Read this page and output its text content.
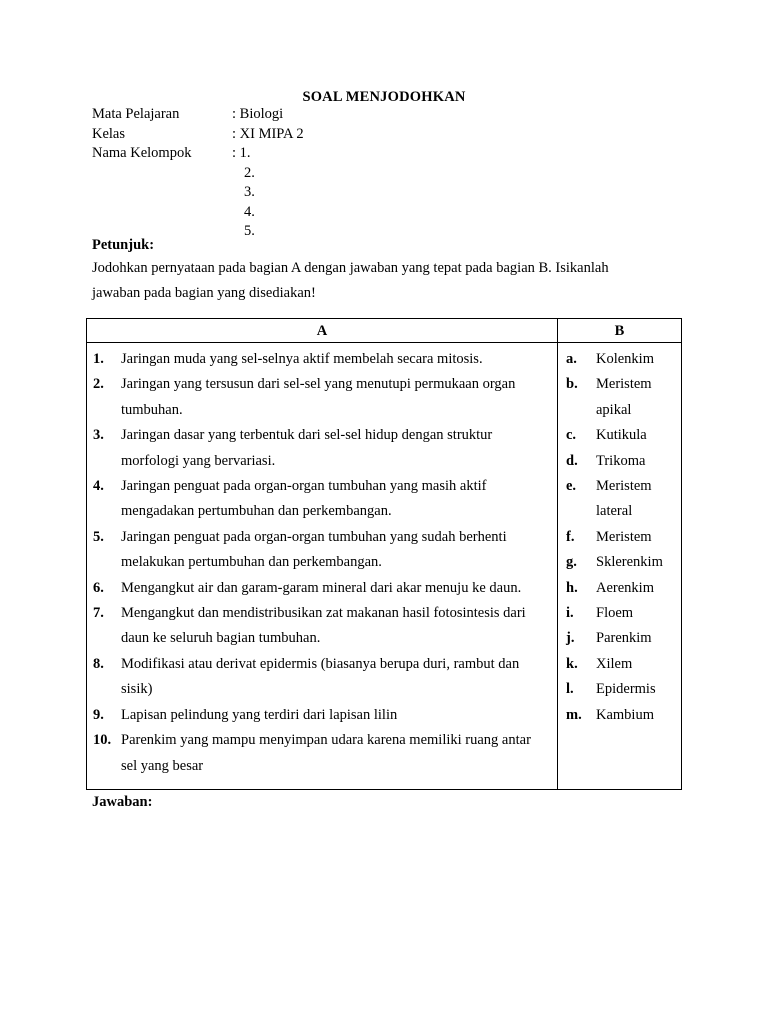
SOAL MENJODOHKAN
Mata Pelajaran	: Biologi
Kelas	: XI MIPA 2
Nama Kelompok	: 1.
2.
3.
4.
5.
Petunjuk:
Jodohkan pernyataan pada bagian A dengan jawaban yang tepat pada bagian B. Isikanlah jawaban pada bagian yang disediakan!
A
1.	Jaringan muda yang sel-selnya aktif membelah secara mitosis.
2.	Jaringan yang tersusun dari sel-sel yang menutupi permukaan organ tumbuhan.
3.	Jaringan dasar yang terbentuk dari sel-sel hidup dengan struktur morfologi yang bervariasi.
4.	Jaringan penguat pada organ-organ tumbuhan yang masih aktif mengadakan pertumbuhan dan perkembangan.
5.	Jaringan penguat pada organ-organ tumbuhan yang sudah berhenti melakukan pertumbuhan dan perkembangan.
6.	Mengangkut air dan garam-garam mineral dari akar menuju ke daun.
7.	Mengangkut dan mendistribusikan zat makanan hasil fotosintesis dari daun ke seluruh bagian tumbuhan.
8.	Modifikasi atau derivat epidermis (biasanya berupa duri, rambut dan sisik)
9.	Lapisan pelindung yang terdiri dari lapisan lilin
10. Parenkim yang mampu menyimpan udara karena memiliki ruang antar sel yang besar
B
a.	Kolenkim
b.	Meristem apikal
c.	Kutikula
d.	Trikoma
e.	Meristem lateral
f.	Meristem
g.	Sklerenkim
h.	Aerenkim
i.	Floem
j.	Parenkim
k.	Xilem
l.	Epidermis
m. Kambium
Jawaban:
